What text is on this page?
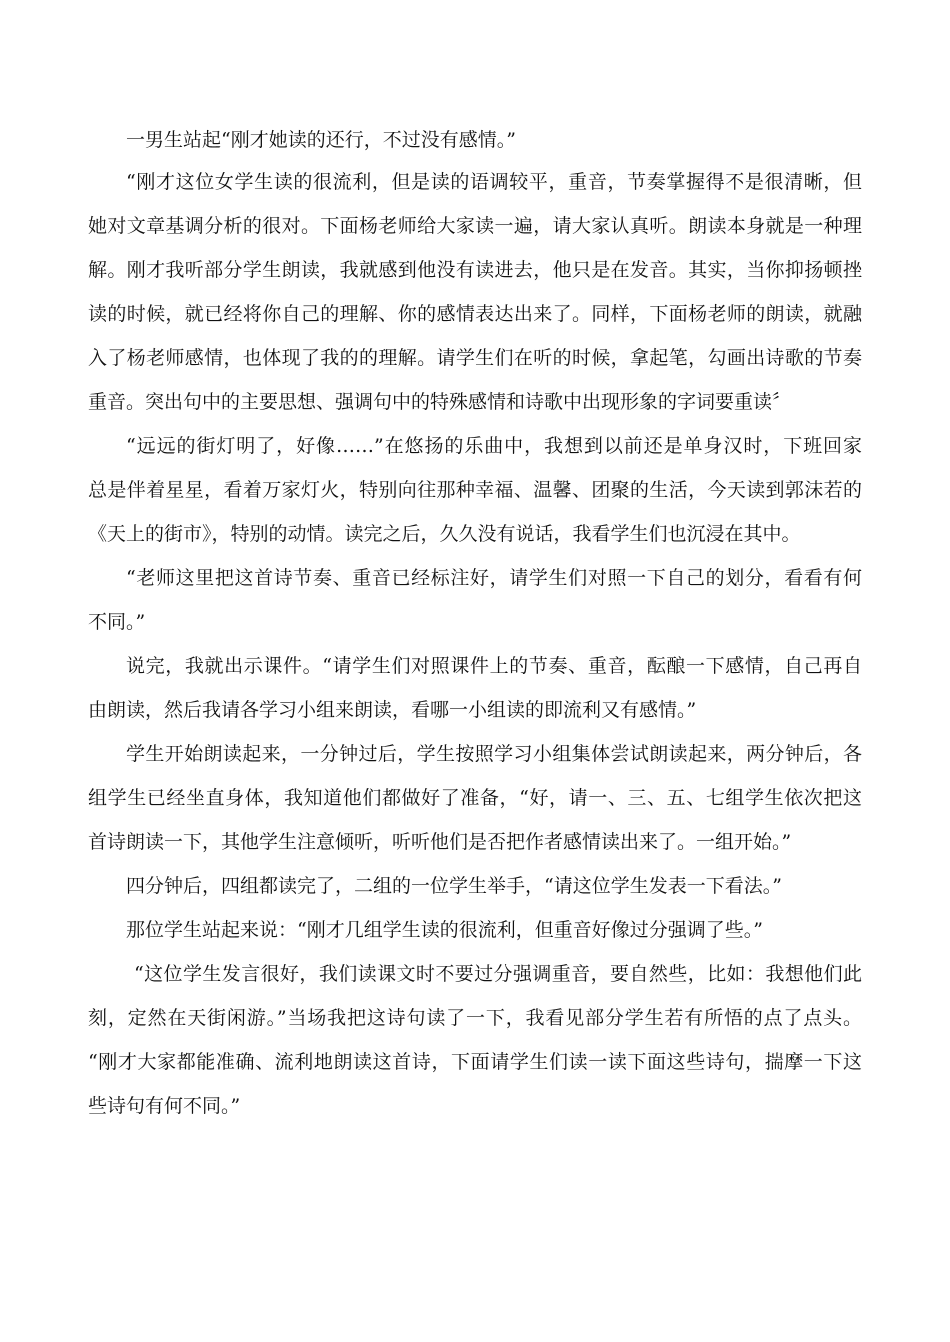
一男生站起“刚才她读的还行，不过没有感情。”
“刚才这位女学生读的很流利，但是读的语调较平，重音，节奏掌握得不是很清晰，但
她对文章基调分析的很对。下面杨老师给大家读一遍，请大家认真听。朗读本身就是一种理
解。刚才我听部分学生朗读，我就感到他没有读进去，他只是在发音。其实，当你抑扬顿挫
读的时候，就已经将你自己的理解、你的感情表达出来了。同样，下面杨老师的朗读，就融
入了杨老师感情，也体现了我的的理解。请学生们在听的时候，拿起笔，勾画出诗歌的节奏
重音。突出句中的主要思想、强调句中的特殊感情和诗歌中出现形象的字词要重读〞
“远远的街灯明了，好像……”在悠扬的乐曲中，我想到以前还是单身汉时，下班回家
总是伴着星星，看着万家灯火，特别向往那种幸福、温馨、团聚的生活，今天读到郭沫若的
《天上的街市》，特别的动情。读完之后，久久没有说话，我看学生们也沉浸在其中。
“老师这里把这首诗节奏、重音已经标注好，请学生们对照一下自己的划分，看看有何
不同。”
说完，我就出示课件。“请学生们对照课件上的节奏、重音，酝酿一下感情，自己再自
由朗读，然后我请各学习小组来朗读，看哪一小组读的即流利又有感情。”
学生开始朗读起来，一分钟过后，学生按照学习小组集体尝试朗读起来，两分钟后，各
组学生已经坐直身体，我知道他们都做好了准备，“好，请一、三、五、七组学生依次把这
首诗朗读一下，其他学生注意倾听，听听他们是否把作者感情读出来了。一组开始。”
四分钟后，四组都读完了，二组的一位学生举手，“请这位学生发表一下看法。”
那位学生站起来说：“刚才几组学生读的很流利，但重音好像过分强调了些。”
“这位学生发言很好，我们读课文时不要过分强调重音，要自然些，比如：我想他们此
刻，定然在天街闲游。”当场我把这诗句读了一下，我看见部分学生若有所悟的点了点头。
“刚才大家都能准确、流利地朗读这首诗，下面请学生们读一读下面这些诗句，揣摩一下这
些诗句有何不同。”
